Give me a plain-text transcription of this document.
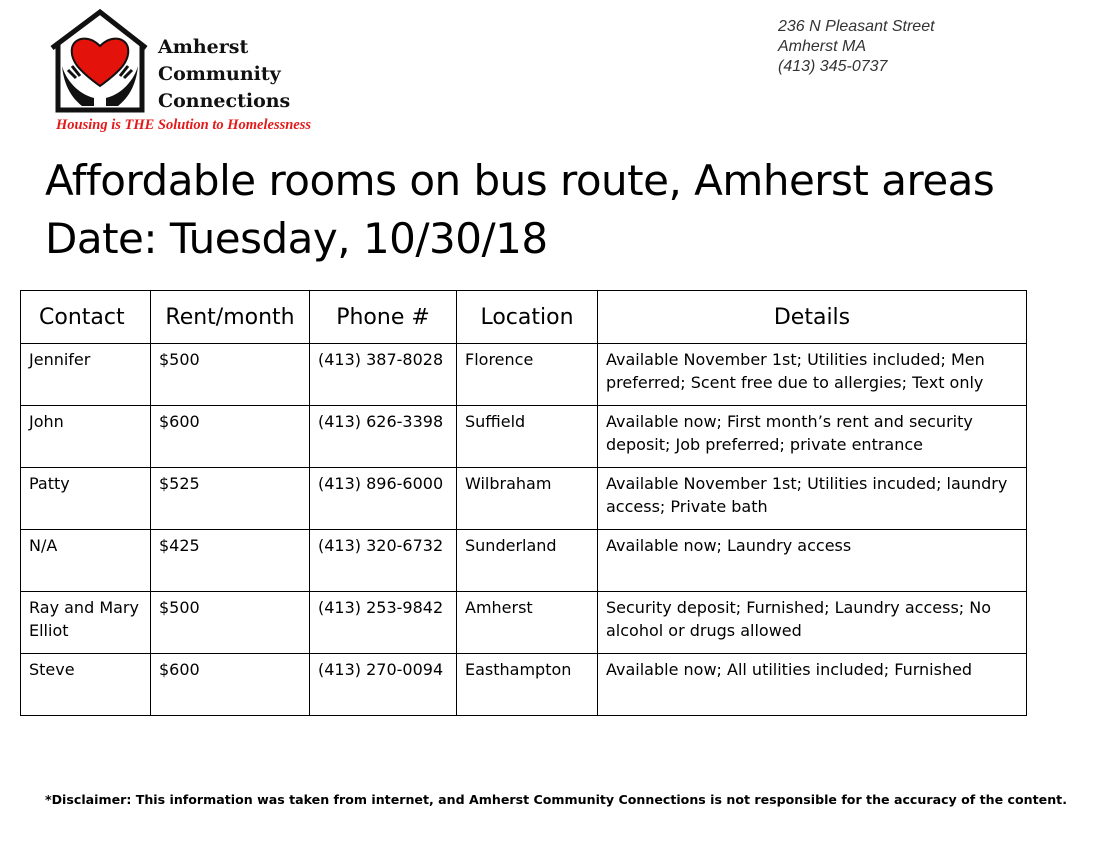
Amherst
Community
Connections
Housing is THE Solution to Homelessness
236 N Pleasant Street
Amherst MA
(413) 345-0737
Affordable rooms on bus route, Amherst areas
Date: Tuesday, 10/30/18
Contact	Rent/month	Phone #	Location	Details
Jennifer	$500	(413) 387-8028	Florence	Available November 1st; Utilities included; Men preferred; Scent free due to allergies; Text only
John	$600	(413) 626-3398	Suffield	Available now; First month’s rent and security deposit; Job preferred; private entrance
Patty	$525	(413) 896-6000	Wilbraham	Available November 1st; Utilities incuded; laundry access; Private bath
N/A	$425	(413) 320-6732	Sunderland	Available now; Laundry access
Ray and Mary Elliot	$500	(413) 253-9842	Amherst	Security deposit; Furnished; Laundry access; No alcohol or drugs allowed
Steve	$600	(413) 270-0094	Easthampton	Available now; All utilities included; Furnished
*Disclaimer: This information was taken from internet, and Amherst Community Connections is not responsible for the accuracy of the content.
